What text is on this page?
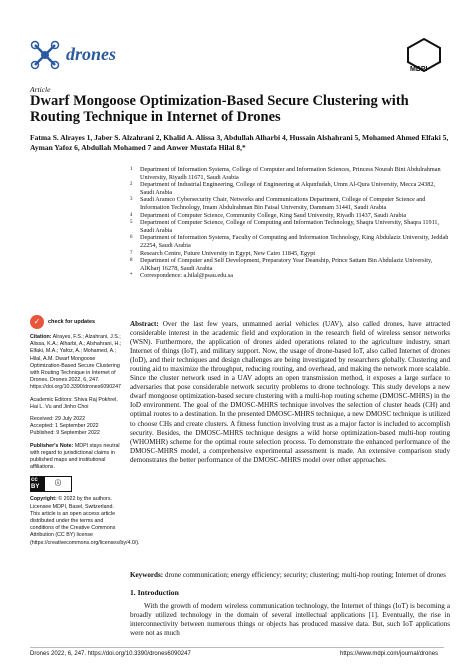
drones
MDPI
Article
Dwarf Mongoose Optimization-Based Secure Clustering with Routing Technique in Internet of Drones
Fatma S. Alrayes 1, Jaber S. Alzahrani 2, Khalid A. Alissa 3, Abdullah Alharbi 4, Hussain Alshahrani 5, Mohamed Ahmed Elfaki 5, Ayman Yafoz 6, Abdullah Mohamed 7 and Anwer Mustafa Hilal 8,*
1	Department of Information Systems, College of Computer and Information Sciences, Princess Nourah Bint Abdulrahman University, Riyadh 11671, Saudi Arabia
2	Department of Industrial Engineering, College of Engineering at Alqunfudah, Umm Al-Qura University, Mecca 24382, Saudi Arabia
3	Saudi Aramco Cybersecurity Chair, Networks and Communications Department, College of Computer Science and Information Technology, Imam Abdulrahman Bin Faisal University, Dammam 31441, Saudi Arabia
4	Department of Computer Science, Community College, King Saud University, Riyadh 11437, Saudi Arabia
5	Department of Computer Science, College of Computing and Information Technology, Shaqra University, Shaqra 11911, Saudi Arabia
6	Department of Information Systems, Faculty of Computing and Information Technology, King Abdulaziz University, Jeddah 22254, Saudi Arabia
7	Research Centre, Future University in Egypt, New Cairo 11845, Egypt
8	Department of Computer and Self Development, Preparatory Year Deanship, Prince Sattam Bin Abdulaziz University, AlKharj 16278, Saudi Arabia
*	Correspondence: a.hilal@psau.edu.sa
✓	check for updates

Citation: Alrayes, F.S.; Alzahrani, J.S.; Alissa, K.A.; Alharbi, A.; Alshahrani, H.; Elfaki, M.A.; Yafoz, A.; Mohamed, A.; Hilal, A.M. Dwarf Mongoose Optimization-Based Secure Clustering with Routing Technique in Internet of Drones. Drones 2022, 6, 247. https://doi.org/10.3390/drones6090247

Academic Editors: Shiva Raj Pokhrel, Hai L. Vu and Jinho Choi

Received: 29 July 2022

Accepted: 1 September 2022

Published: 9 September 2022

Publisher's Note: MDPI stays neutral with regard to jurisdictional claims in published maps and institutional affiliations.

cc BY
ⓘ

Copyright: © 2022 by the authors. Licensee MDPI, Basel, Switzerland. This article is an open access article distributed under the terms and conditions of the Creative Commons Attribution (CC BY) license (https://creativecommons.org/licenses/by/4.0/).

Abstract: Over the last few years, unmanned aerial vehicles (UAV), also called drones, have attracted considerable interest in the academic field and exploration in the research field of wireless sensor networks (WSN). Furthermore, the application of drones aided operations related to the agriculture industry, smart Internet of things (IoT), and military support. Now, the usage of drone-based IoT, also called Internet of drones (IoD), and their techniques and design challenges are being investigated by researchers globally. Clustering and routing aid to maximize the throughput, reducing routing, and overhead, and making the network more scalable. Since the cluster network used in a UAV adopts an open transmission method, it exposes a large surface to adversaries that pose considerable network security problems to drone technology. This study develops a new dwarf mongoose optimization-based secure clustering with a multi-hop routing scheme (DMOSC-MHRS) in the IoD environment. The goal of the DMOSC-MHRS technique involves the selection of cluster heads (CH) and optimal routes to a destination. In the presented DMOSC-MHRS technique, a new DMOSC technique is utilized to choose CHs and create clusters. A fitness function involving trust as a major factor is included to accomplish security. Besides, the DMOSC-MHRS technique designs a wild horse optimization-based multi-hop routing (WHOMHR) scheme for the optimal route selection process. To demonstrate the enhanced performance of the DMOSC-MHRS model, a comprehensive experimental assessment is made. An extensive comparison study demonstrates the better performance of the DMOSC-MHRS model over other approaches.
Keywords: drone communication; energy efficiency; security; clustering; multi-hop routing; Internet of drones
1. Introduction
With the growth of modern wireless communication technology, the Internet of things (IoT) is becoming a broadly utilized technology in the domain of several intellectual applications [1]. Eventually, the rise in interconnectivity between numerous things or objects has produced massive data. But, such IoT applications were not as much
Drones 2022, 6, 247. https://doi.org/10.3390/drones6090247	https://www.mdpi.com/journal/drones
